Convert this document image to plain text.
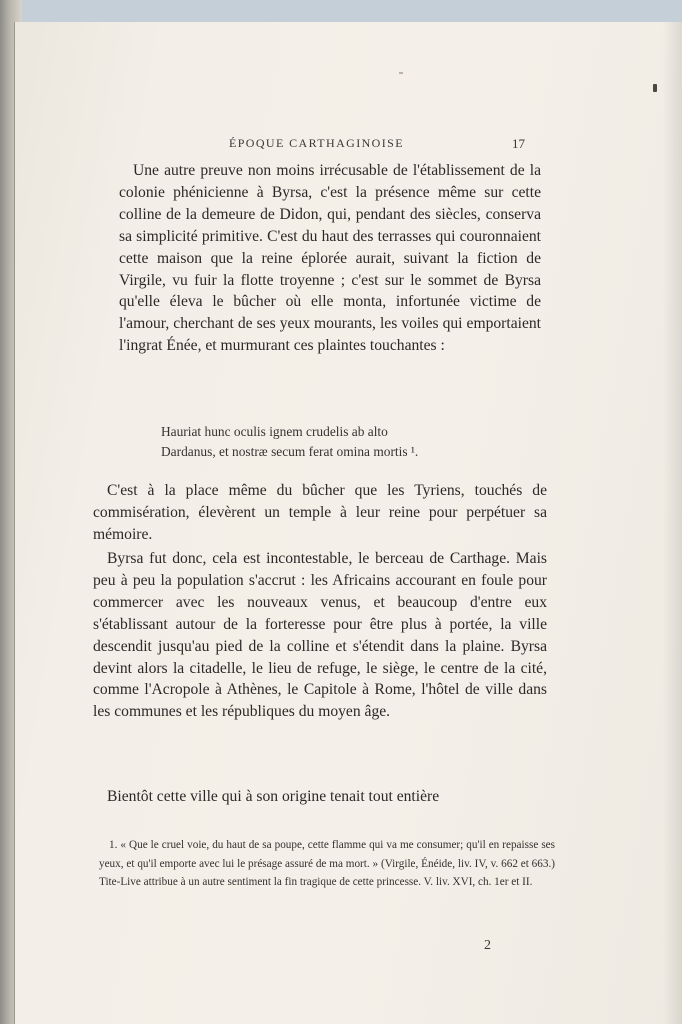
ÉPOQUE CARTHAGINOISE	17

Une autre preuve non moins irrécusable de l'établissement de la colonie phénicienne à Byrsa, c'est la présence même sur cette colline de la demeure de Didon, qui, pendant des siècles, conserva sa simplicité primitive. C'est du haut des terrasses qui couronnaient cette maison que la reine éplorée aurait, suivant la fiction de Virgile, vu fuir la flotte troyenne ; c'est sur le sommet de Byrsa qu'elle éleva le bûcher où elle monta, infortunée victime de l'amour, cherchant de ses yeux mourants, les voiles qui emportaient l'ingrat Énée, et murmurant ces plaintes touchantes :

Hauriat hunc oculis ignem crudelis ab alto
Dardanus, et nostræ secum ferat omina mortis ¹.

C'est à la place même du bûcher que les Tyriens, touchés de commisération, élevèrent un temple à leur reine pour perpétuer sa mémoire.

Byrsa fut donc, cela est incontestable, le berceau de Carthage. Mais peu à peu la population s'accrut : les Africains accourant en foule pour commercer avec les nouveaux venus, et beaucoup d'entre eux s'établissant autour de la forteresse pour être plus à portée, la ville descendit jusqu'au pied de la colline et s'étendit dans la plaine. Byrsa devint alors la citadelle, le lieu de refuge, le siège, le centre de la cité, comme l'Acropole à Athènes, le Capitole à Rome, l'hôtel de ville dans les communes et les républiques du moyen âge.

Bientôt cette ville qui à son origine tenait tout entière

1. « Que le cruel voie, du haut de sa poupe, cette flamme qui va me consumer; qu'il en repaisse ses yeux, et qu'il emporte avec lui le présage assuré de ma mort. » (Virgile, Énéide, liv. IV, v. 662 et 663.) Tite-Live attribue à un autre sentiment la fin tragique de cette princesse. V. liv. XVI, ch. 1er et II.

2
